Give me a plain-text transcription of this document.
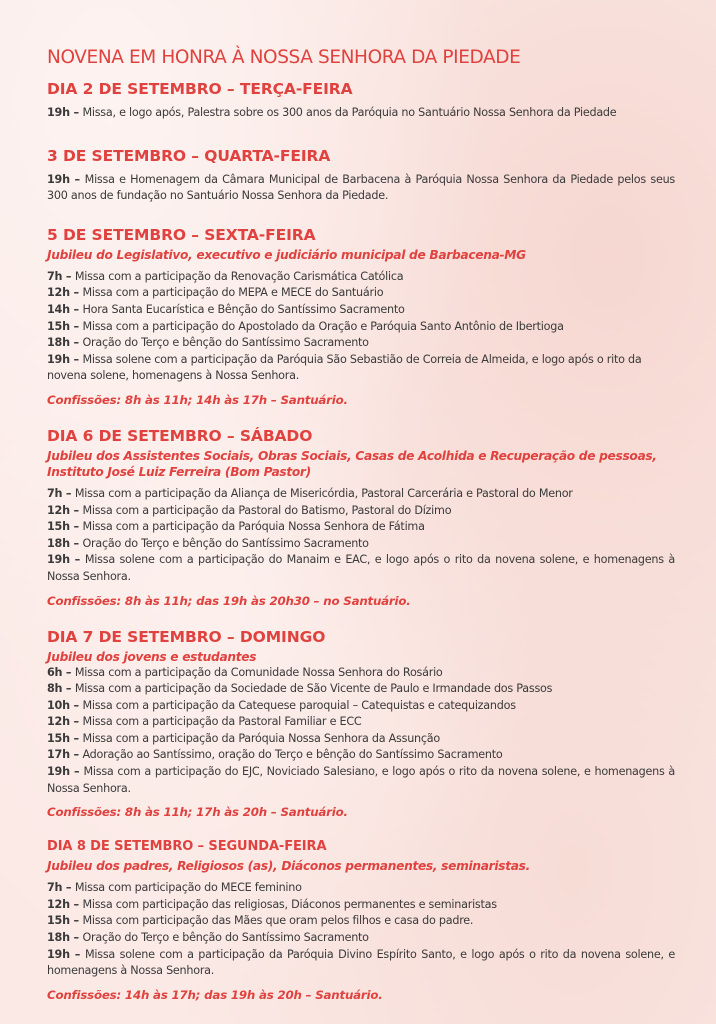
NOVENA EM HONRA À NOSSA SENHORA DA PIEDADE
DIA 2 DE SETEMBRO – TERÇA-FEIRA
19h – Missa, e logo após, Palestra sobre os 300 anos da Paróquia no Santuário Nossa Senhora da Piedade
3 DE SETEMBRO – QUARTA-FEIRA
19h – Missa e Homenagem da Câmara Municipal de Barbacena à Paróquia Nossa Senhora da Piedade pelos seus 300 anos de fundação no Santuário Nossa Senhora da Piedade.
5 DE SETEMBRO – SEXTA-FEIRA
Jubileu do Legislativo, executivo e judiciário municipal de Barbacena-MG
7h – Missa com a participação da Renovação Carismática Católica
12h – Missa com a participação do MEPA e MECE do Santuário
14h – Hora Santa Eucarística e Bênção do Santíssimo Sacramento
15h – Missa com a participação do Apostolado da Oração e Paróquia Santo Antônio de Ibertioga
18h – Oração do Terço e bênção do Santíssimo Sacramento
19h – Missa solene com a participação da Paróquia São Sebastião de Correia de Almeida, e logo após o rito da novena solene, homenagens à Nossa Senhora.
Confissões: 8h às 11h; 14h às 17h – Santuário.
DIA 6 DE SETEMBRO – SÁBADO
Jubileu dos Assistentes Sociais, Obras Sociais, Casas de Acolhida e Recuperação de pessoas, Instituto José Luiz Ferreira (Bom Pastor)
7h – Missa com a participação da Aliança de Misericórdia, Pastoral Carcerária e Pastoral do Menor
12h – Missa com a participação da Pastoral do Batismo, Pastoral do Dízimo
15h – Missa com a participação da Paróquia Nossa Senhora de Fátima
18h – Oração do Terço e bênção do Santíssimo Sacramento
19h – Missa solene com a participação do Manaim e EAC, e logo após o rito da novena solene, e homenagens à Nossa Senhora.
Confissões: 8h às 11h; das 19h às 20h30 – no Santuário.
DIA 7 DE SETEMBRO – DOMINGO
Jubileu dos jovens e estudantes
6h – Missa com a participação da Comunidade Nossa Senhora do Rosário
8h – Missa com a participação da Sociedade de São Vicente de Paulo e Irmandade dos Passos
10h – Missa com a participação da Catequese paroquial – Catequistas e catequizandos
12h – Missa com a participação da Pastoral Familiar e ECC
15h – Missa com a participação da Paróquia Nossa Senhora da Assunção
17h – Adoração ao Santíssimo, oração do Terço e bênção do Santíssimo Sacramento
19h – Missa com a participação do EJC, Noviciado Salesiano, e logo após o rito da novena solene, e homenagens à Nossa Senhora.
Confissões: 8h às 11h; 17h às 20h – Santuário.
DIA 8 DE SETEMBRO – SEGUNDA-FEIRA
Jubileu dos padres, Religiosos (as), Diáconos permanentes, seminaristas.
7h – Missa com participação do MECE feminino
12h – Missa com participação das religiosas, Diáconos permanentes e seminaristas
15h – Missa com participação das Mães que oram pelos filhos e casa do padre.
18h – Oração do Terço e bênção do Santíssimo Sacramento
19h – Missa solene com a participação da Paróquia Divino Espírito Santo, e logo após o rito da novena solene, e homenagens à Nossa Senhora.
Confissões: 14h às 17h; das 19h às 20h – Santuário.
